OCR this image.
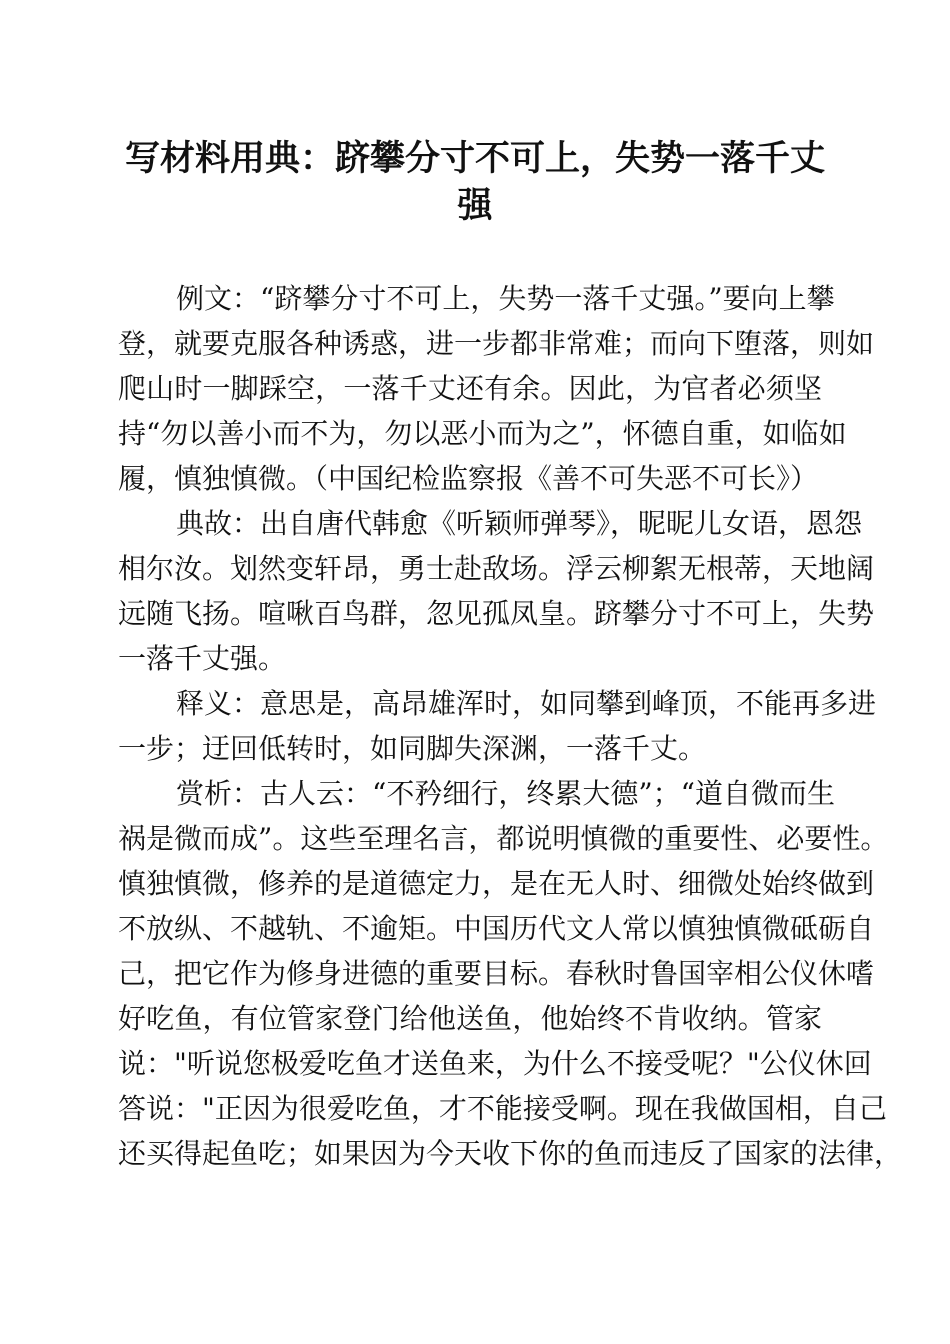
写材料用典：跻攀分寸不可上，失势一落千丈
强
例文：“跻攀分寸不可上，失势一落千丈强。”要向上攀
登，就要克服各种诱惑，进一步都非常难；而向下堕落，则如
爬山时一脚踩空，一落千丈还有余。因此，为官者必须坚
持“勿以善小而不为，勿以恶小而为之”，怀德自重，如临如
履，慎独慎微。（中国纪检监察报《善不可失恶不可长》）
典故：出自唐代韩愈《听颖师弹琴》，昵昵儿女语，恩怨
相尔汝。划然变轩昂，勇士赴敌场。浮云柳絮无根蒂，天地阔
远随飞扬。喧啾百鸟群，忽见孤凤皇。跻攀分寸不可上，失势
一落千丈强。
释义：意思是，高昂雄浑时，如同攀到峰顶，不能再多进
一步；迂回低转时，如同脚失深渊，一落千丈。
赏析：古人云：“不矜细行，终累大德”；“道自微而生
祸是微而成”。这些至理名言，都说明慎微的重要性、必要性。
慎独慎微，修养的是道德定力，是在无人时、细微处始终做到
不放纵、不越轨、不逾矩。中国历代文人常以慎独慎微砥砺自
己，把它作为修身进德的重要目标。春秋时鲁国宰相公仪休嗜
好吃鱼，有位管家登门给他送鱼，他始终不肯收纳。管家
说："听说您极爱吃鱼才送鱼来，为什么不接受呢？"公仪休回
答说："正因为很爱吃鱼，才不能接受啊。现在我做国相，自己
还买得起鱼吃；如果因为今天收下你的鱼而违反了国家的法律，
